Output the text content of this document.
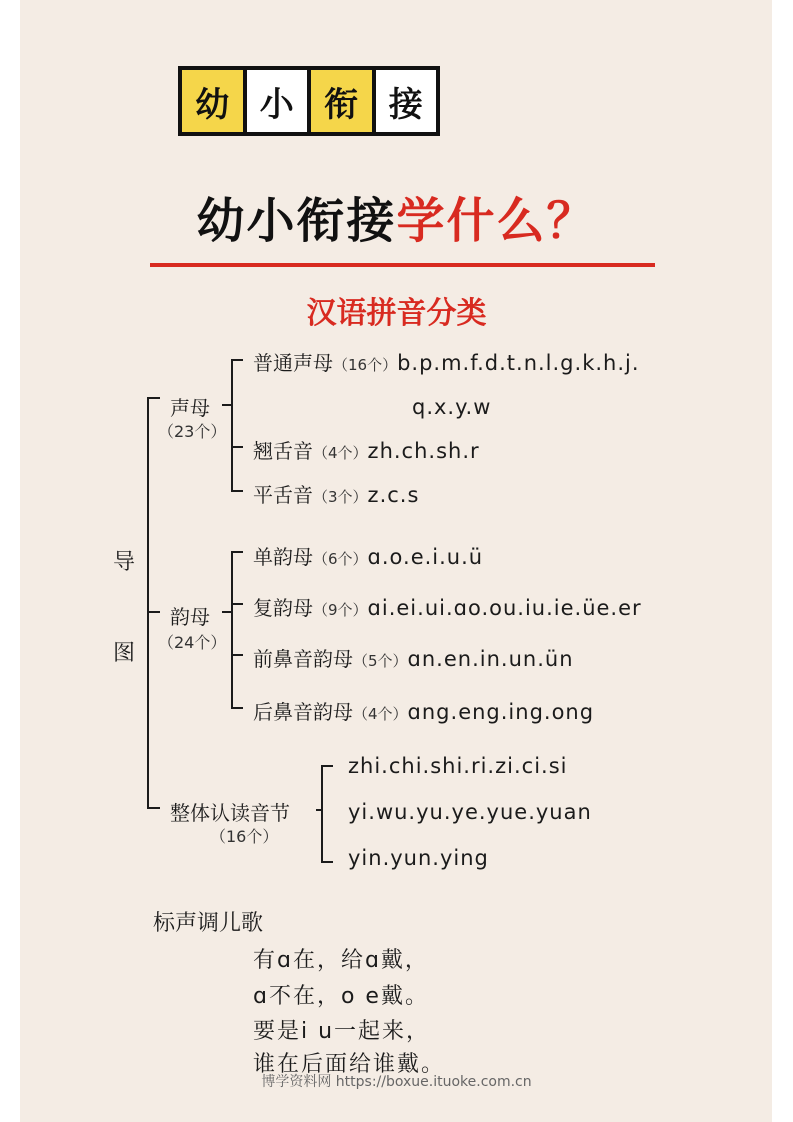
幼 小 衔 接
幼小衔接学什么？
汉语拼音分类
导
图
声母
（23个）
普通声母（16个）b.p.m.f.d.t.n.l.g.k.h.j.
q.x.y.w
翘舌音（4个）zh.ch.sh.r
平舌音（3个）z.c.s
韵母
（24个）
单韵母（6个）ɑ.o.e.i.u.ü
复韵母（9个）ɑi.ei.ui.ɑo.ou.iu.ie.üe.er
前鼻音韵母（5个）ɑn.en.in.un.ün
后鼻音韵母（4个）ɑng.eng.ing.ong
整体认读音节
（16个）
zhi.chi.shi.ri.zi.ci.si
yi.wu.yu.ye.yue.yuan
yin.yun.ying
标声调儿歌
有ɑ在，给ɑ戴，
ɑ不在，o e戴。
要是i u一起来，
谁在后面给谁戴。
博学资料网 https://boxue.ituoke.com.cn
